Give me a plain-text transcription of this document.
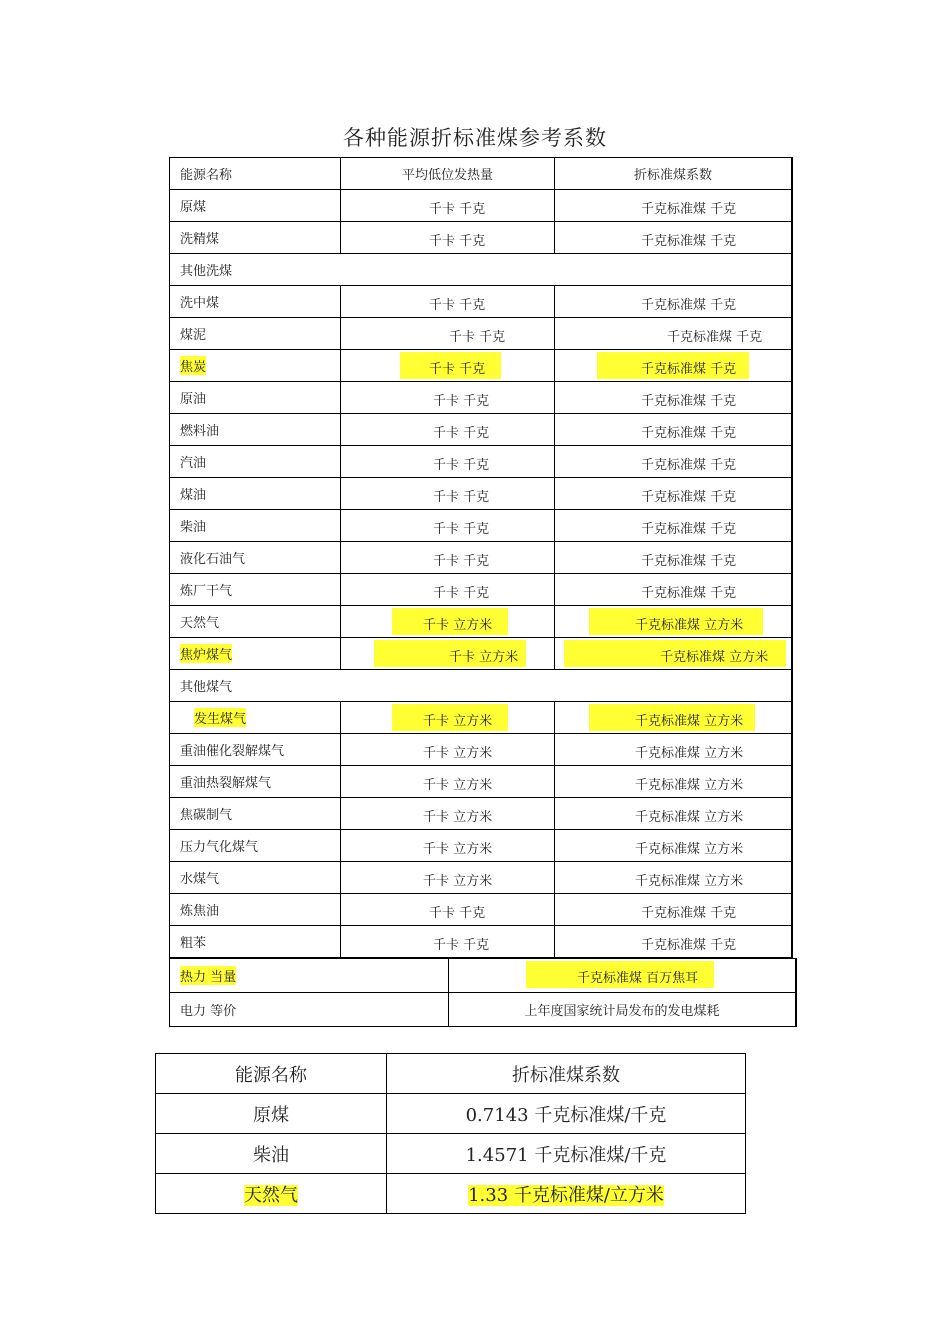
各种能源折标准煤参考系数
能源名称	平均低位发热量	折标准煤系数
原煤	千卡 千克	千克标准煤 千克

洗精煤	千卡 千克	千克标准煤 千克

其他洗煤		
洗中煤	千卡 千克	千克标准煤 千克

煤泥	千卡 千克	千克标准煤 千克

焦炭	千卡 千克	千克标准煤 千克

原油	千卡 千克	千克标准煤 千克

燃料油	千卡 千克	千克标准煤 千克

汽油	千卡 千克	千克标准煤 千克

煤油	千卡 千克	千克标准煤 千克

柴油	千卡 千克	千克标准煤 千克

液化石油气	千卡 千克	千克标准煤 千克

炼厂干气	千卡 千克	千克标准煤 千克

天然气	千卡 立方米	千克标准煤 立方米

焦炉煤气	千卡 立方米	千克标准煤 立方米

其他煤气		
发生煤气	千卡 立方米	千克标准煤 立方米

重油催化裂解煤气	千卡 立方米	千克标准煤 立方米

重油热裂解煤气	千卡 立方米	千克标准煤 立方米

焦碳制气	千卡 立方米	千克标准煤 立方米

压力气化煤气	千卡 立方米	千克标准煤 立方米

水煤气	千卡 立方米	千克标准煤 立方米

炼焦油	千卡 千克	千克标准煤 千克

粗苯	千卡 千克	千克标准煤 千克
热力 当量	千克标准煤 百万焦耳

电力 等价	上年度国家统计局发布的发电煤耗
能源名称	折标准煤系数
原煤	0.7143 千克标准煤/千克
柴油	1.4571 千克标准煤/千克
天然气	1.33 千克标准煤/立方米
